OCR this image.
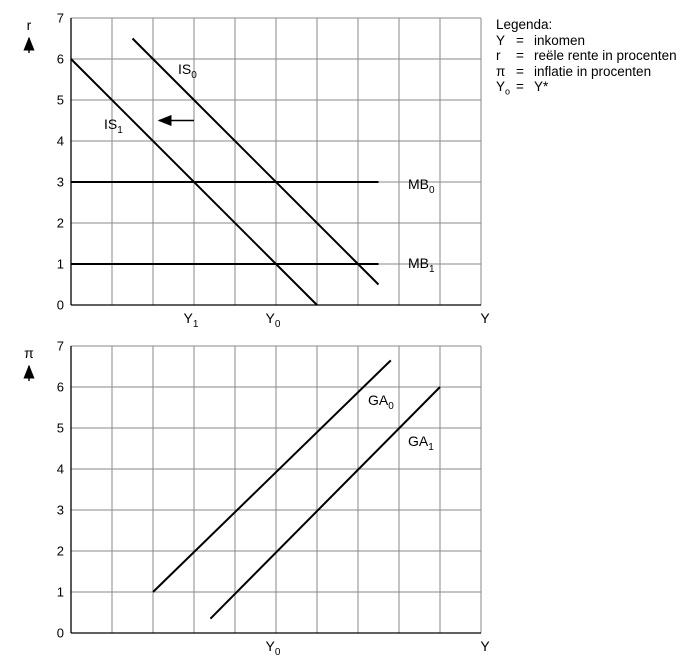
0
1
2
3
4
5
6
7
r
Y
$Y_1$	$Y_0$
$IS_0$
$IS_1$
$MB_0$
$MB_1$
0
1
2
3
4
5
6
7
π
Y
$Y_0$
$GA_0$
$GA_1$
Legenda:
Y = inkomen
r = reële rente in procenten
π = inflatie in procenten
$Y_o = Y*$
